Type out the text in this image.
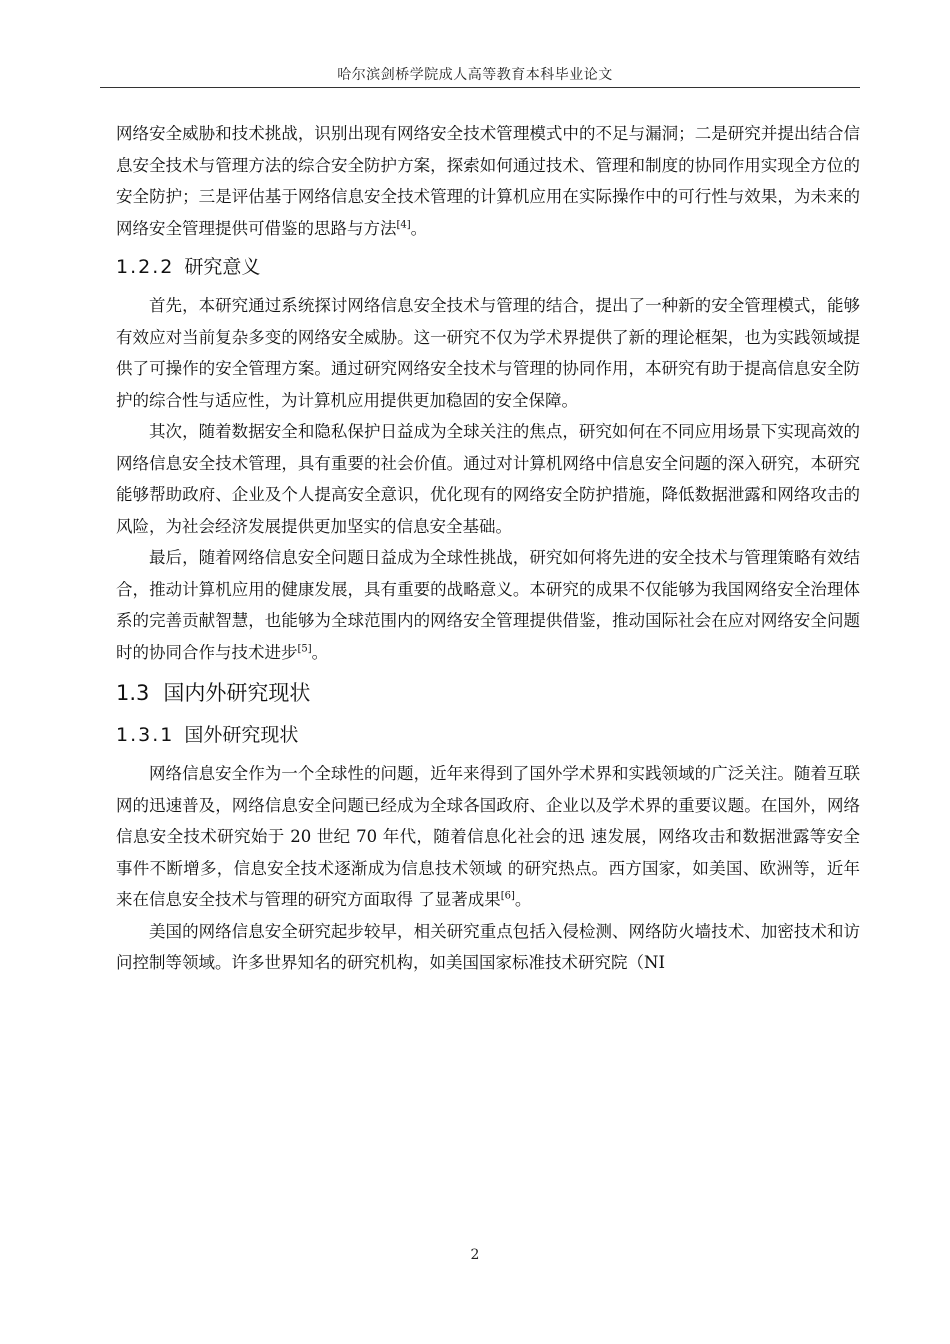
哈尔滨剑桥学院成人高等教育本科毕业论文

网络安全威胁和技术挑战，识别出现有网络安全技术管理模式中的不足与漏洞；二是研究并提出结合信息安全技术与管理方法的综合安全防护方案，探索如何通过技术、管理和制度的协同作用实现全方位的安全防护；三是评估基于网络信息安全技术管理的计算机应用在实际操作中的可行性与效果，为未来的网络安全管理提供可借鉴的思路与方法[4]。

1.2.2 研究意义

首先，本研究通过系统探讨网络信息安全技术与管理的结合，提出了一种新的安全管理模式，能够有效应对当前复杂多变的网络安全威胁。这一研究不仅为学术界提供了新的理论框架，也为实践领域提供了可操作的安全管理方案。通过研究网络安全技术与管理的协同作用，本研究有助于提高信息安全防护的综合性与适应性，为计算机应用提供更加稳固的安全保障。

其次，随着数据安全和隐私保护日益成为全球关注的焦点，研究如何在不同应用场景下实现高效的网络信息安全技术管理，具有重要的社会价值。通过对计算机网络中信息安全问题的深入研究，本研究能够帮助政府、企业及个人提高安全意识，优化现有的网络安全防护措施，降低数据泄露和网络攻击的风险，为社会经济发展提供更加坚实的信息安全基础。

最后，随着网络信息安全问题日益成为全球性挑战，研究如何将先进的安全技术与管理策略有效结合，推动计算机应用的健康发展，具有重要的战略意义。本研究的成果不仅能够为我国网络安全治理体系的完善贡献智慧，也能够为全球范围内的网络安全管理提供借鉴，推动国际社会在应对网络安全问题时的协同合作与技术进步[5]。

1.3 国内外研究现状
1.3.1 国外研究现状

网络信息安全作为一个全球性的问题，近年来得到了国外学术界和实践领域的广泛关注。随着互联网的迅速普及，网络信息安全问题已经成为全球各国政府、企业以及学术界的重要议题。在国外，网络信息安全技术研究始于 20 世纪 70 年代，随着信息化社会的迅 速发展，网络攻击和数据泄露等安全事件不断增多，信息安全技术逐渐成为信息技术领域 的研究热点。西方国家，如美国、欧洲等，近年来在信息安全技术与管理的研究方面取得 了显著成果[6]。

美国的网络信息安全研究起步较早，相关研究重点包括入侵检测、网络防火墙技术、加密技术和访问控制等领域。许多世界知名的研究机构，如美国国家标准技术研究院（NI

2
